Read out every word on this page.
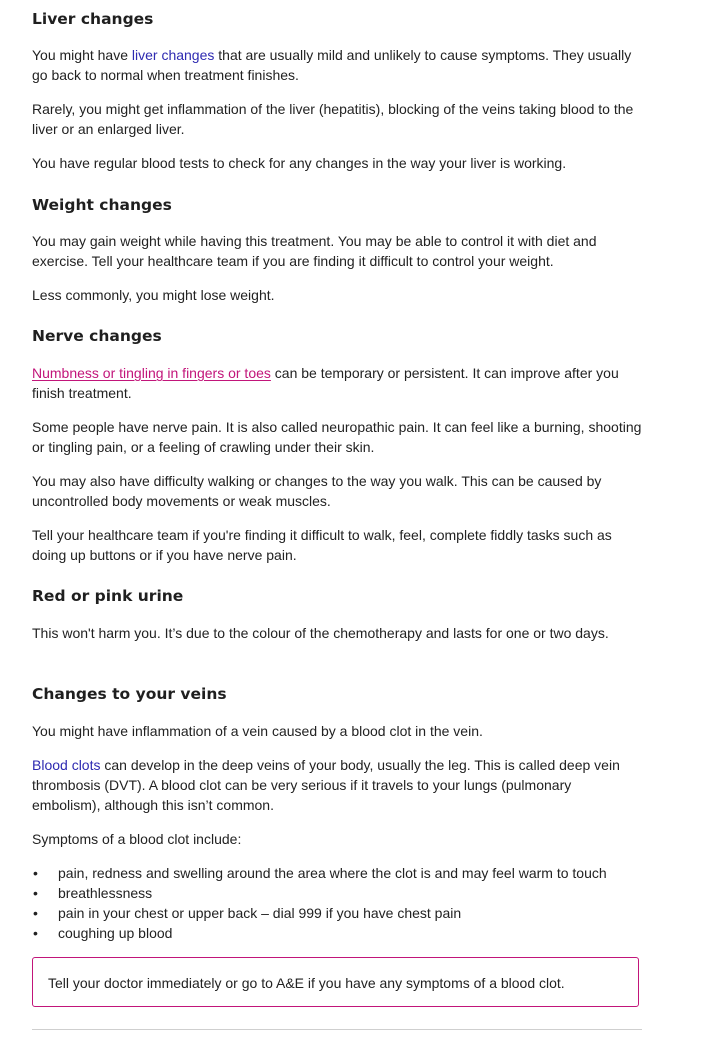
Liver changes

You might have liver changes that are usually mild and unlikely to cause symptoms. They usually go back to normal when treatment finishes.

Rarely, you might get inflammation of the liver (hepatitis), blocking of the veins taking blood to the liver or an enlarged liver.

You have regular blood tests to check for any changes in the way your liver is working.

Weight changes

You may gain weight while having this treatment. You may be able to control it with diet and exercise. Tell your healthcare team if you are finding it difficult to control your weight.

Less commonly, you might lose weight.

Nerve changes

Numbness or tingling in fingers or toes can be temporary or persistent. It can improve after you finish treatment.

Some people have nerve pain. It is also called neuropathic pain. It can feel like a burning, shooting or tingling pain, or a feeling of crawling under their skin.

You may also have difficulty walking or changes to the way you walk. This can be caused by uncontrolled body movements or weak muscles.

Tell your healthcare team if you're finding it difficult to walk, feel, complete fiddly tasks such as doing up buttons or if you have nerve pain.

Red or pink urine

This won't harm you. It’s due to the colour of the chemotherapy and lasts for one or two days.

Changes to your veins

You might have inflammation of a vein caused by a blood clot in the vein.

Blood clots can develop in the deep veins of your body, usually the leg. This is called deep vein thrombosis (DVT). A blood clot can be very serious if it travels to your lungs (pulmonary embolism), although this isn’t common.

Symptoms of a blood clot include:

• pain, redness and swelling around the area where the clot is and may feel warm to touch
• breathlessness
• pain in your chest or upper back – dial 999 if you have chest pain
• coughing up blood

Tell your doctor immediately or go to A&E if you have any symptoms of a blood clot.
